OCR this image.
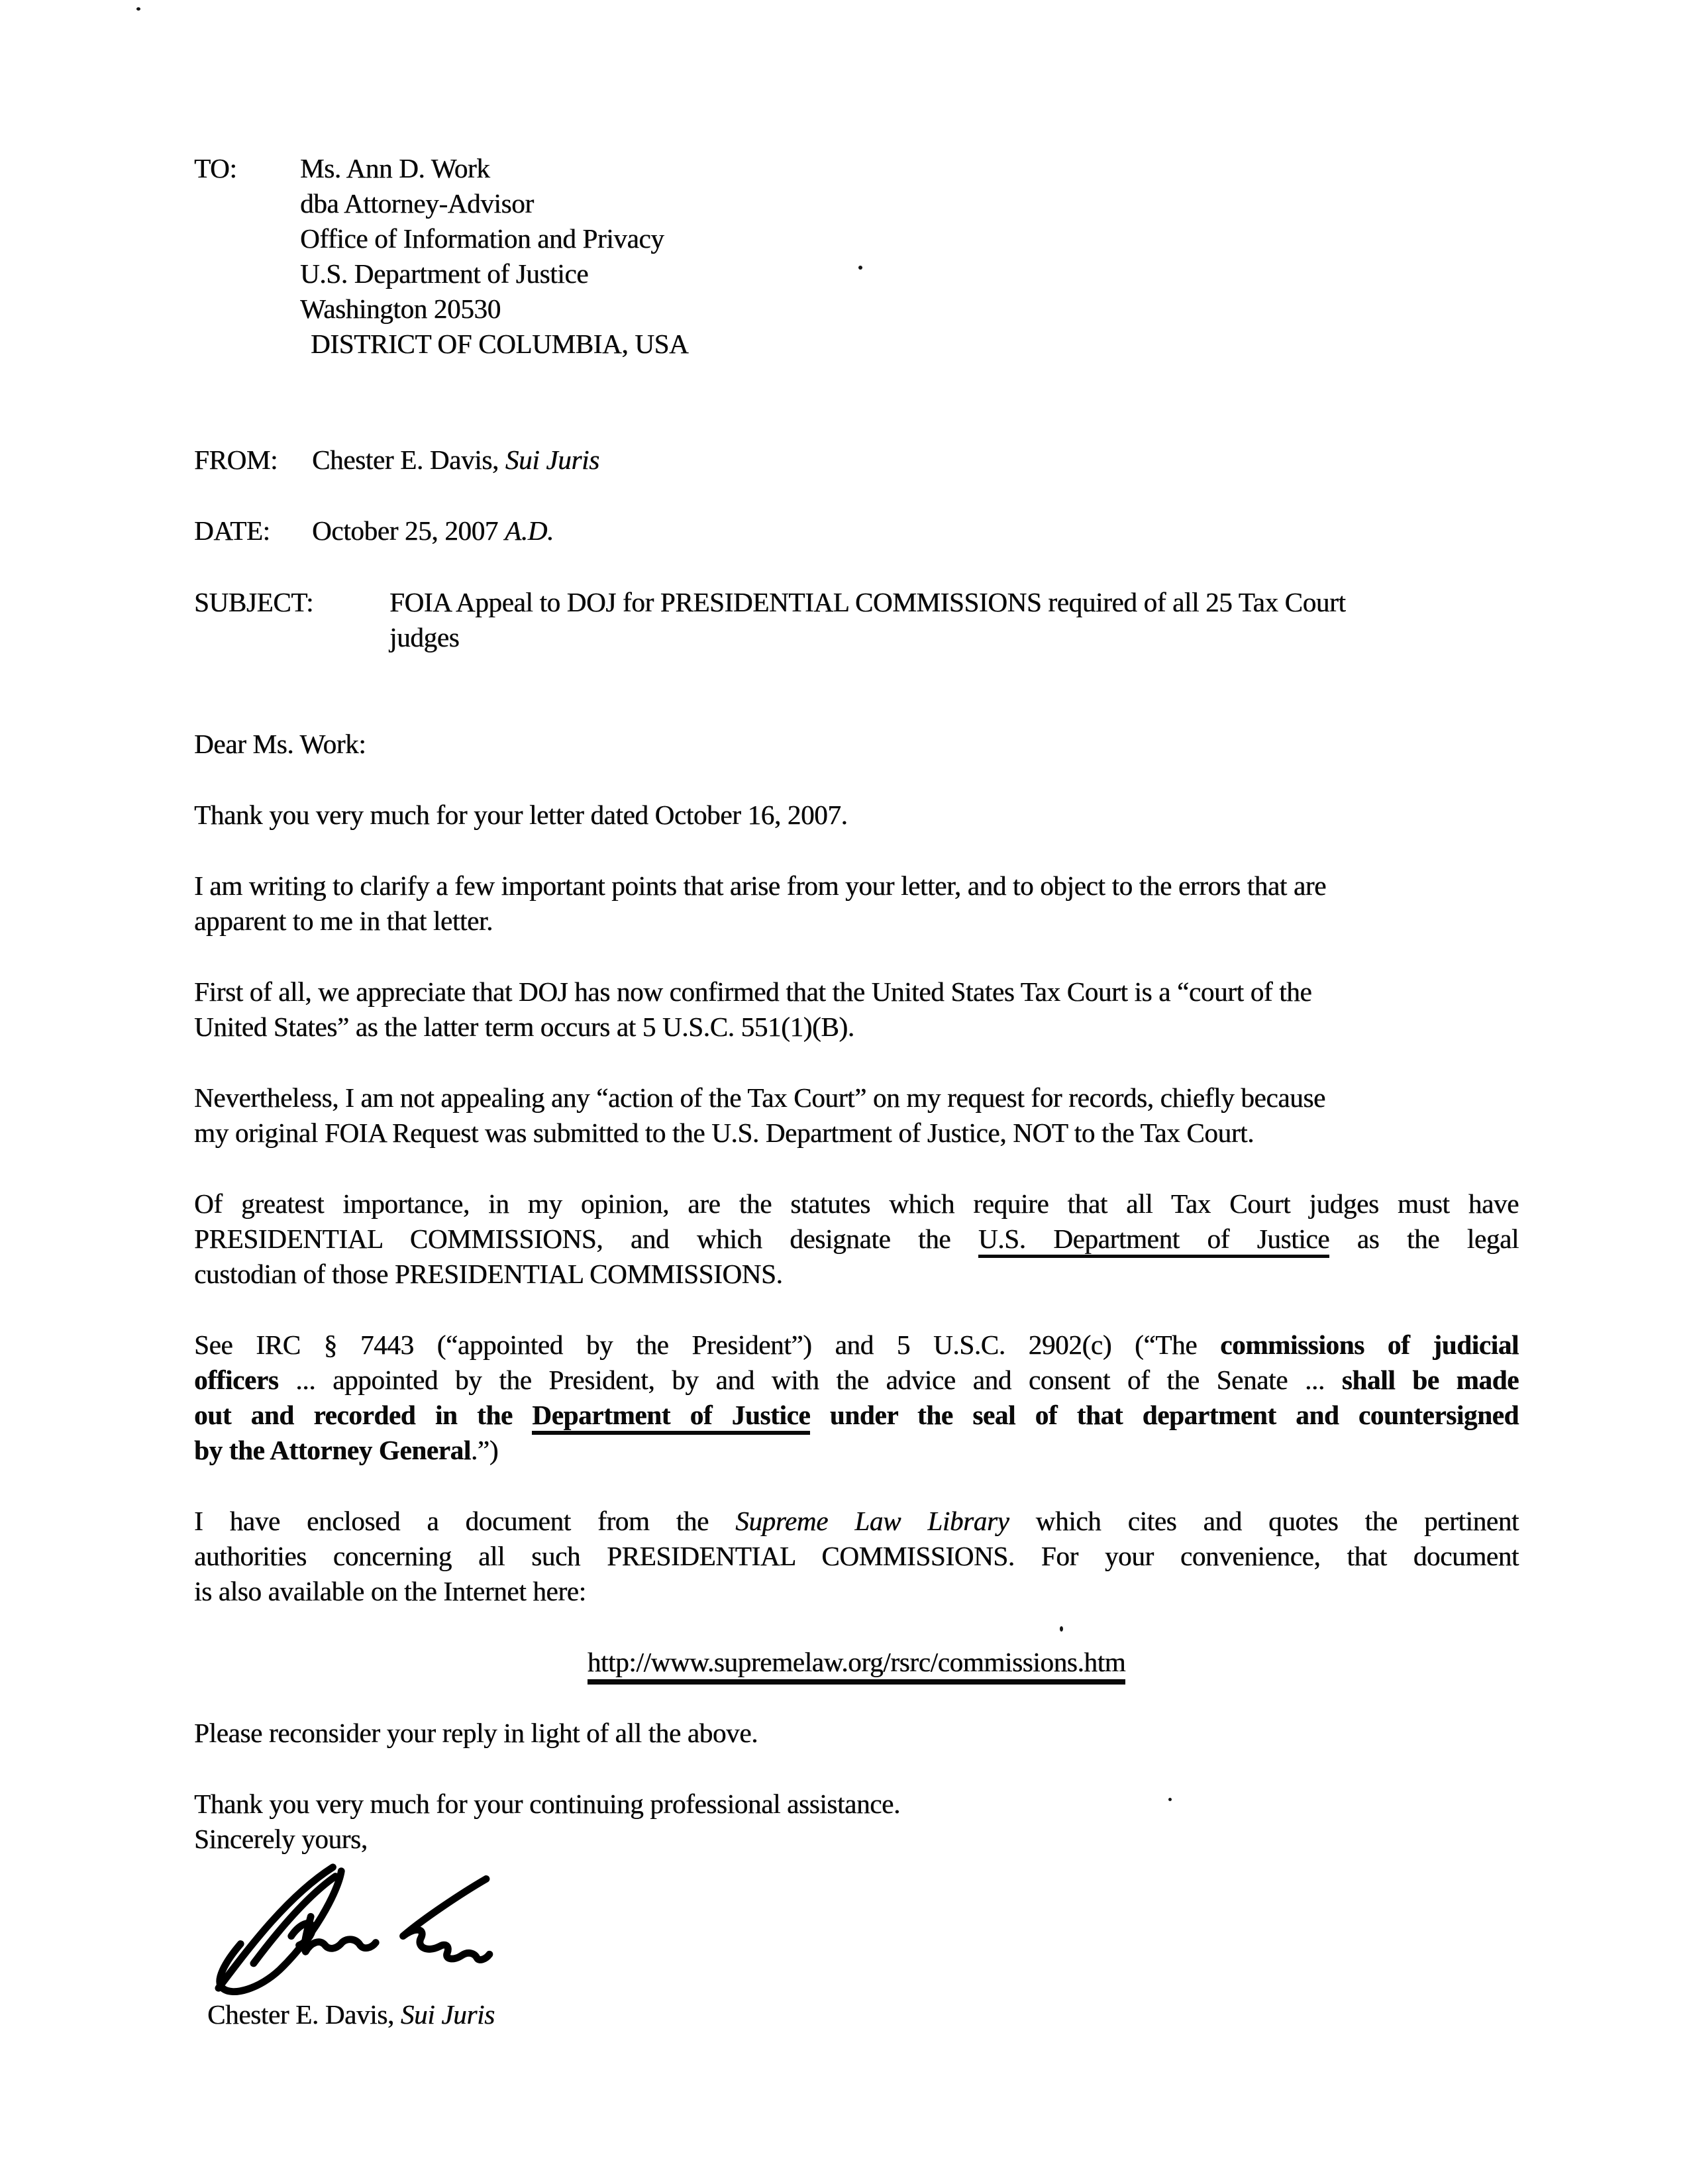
TO: Ms. Ann D. Work
dba Attorney-Advisor
Office of Information and Privacy
U.S. Department of Justice
Washington 20530
DISTRICT OF COLUMBIA, USA
FROM: Chester E. Davis, Sui Juris
DATE: October 25, 2007 A.D.
SUBJECT:	FOIA Appeal to DOJ for PRESIDENTIAL COMMISSIONS required of all 25 Tax Court
judges
Dear Ms. Work:
Thank you very much for your letter dated October 16, 2007.
I am writing to clarify a few important points that arise from your letter, and to object to the errors that are
apparent to me in that letter.
First of all, we appreciate that DOJ has now confirmed that the United States Tax Court is a “court of the
United States” as the latter term occurs at 5 U.S.C. 551(1)(B).
Nevertheless, I am not appealing any “action of the Tax Court” on my request for records, chiefly because
my original FOIA Request was submitted to the U.S. Department of Justice, NOT to the Tax Court.
Of greatest importance, in my opinion, are the statutes which require that all Tax Court judges must have
PRESIDENTIAL COMMISSIONS, and which designate the U.S. Department of Justice as the legal
custodian of those PRESIDENTIAL COMMISSIONS.
See IRC § 7443 (“appointed by the President”) and 5 U.S.C. 2902(c) (“The commissions of judicial
officers ... appointed by the President, by and with the advice and consent of the Senate ... shall be made
out and recorded in the Department of Justice under the seal of that department and countersigned
by the Attorney General.”)
I have enclosed a document from the Supreme Law Library which cites and quotes the pertinent
authorities concerning all such PRESIDENTIAL COMMISSIONS. For your convenience, that document
is also available on the Internet here:
http://www.supremelaw.org/rsrc/commissions.htm
Please reconsider your reply in light of all the above.
Thank you very much for your continuing professional assistance.
Sincerely yours,
Chester E. Davis, Sui Juris
